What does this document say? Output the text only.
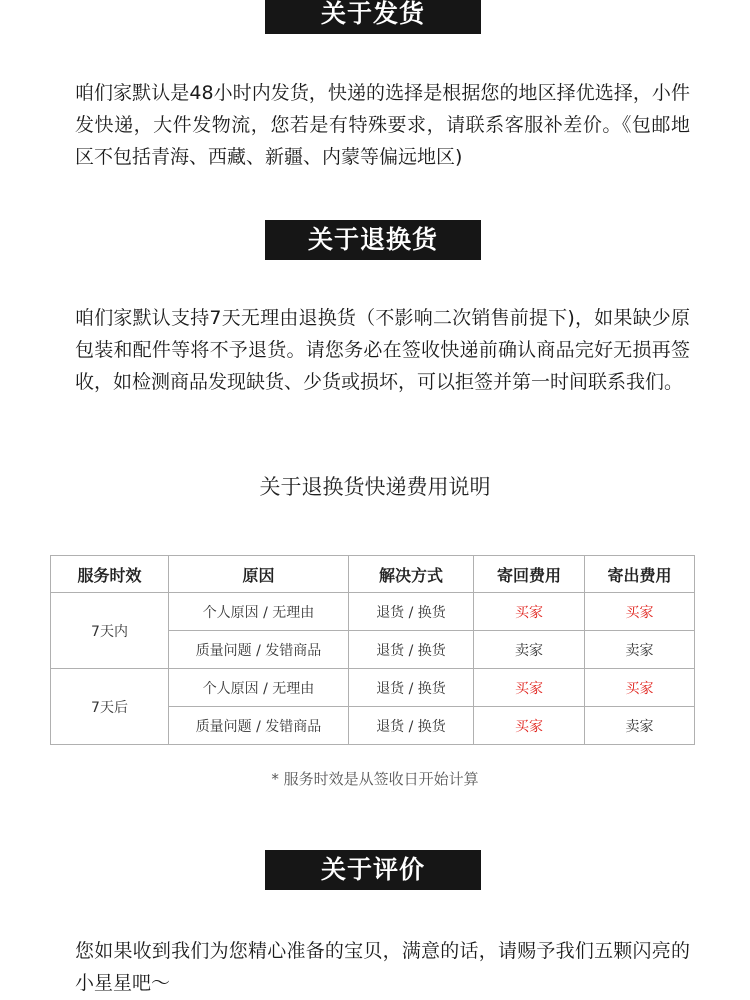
关于发货
咱们家默认是48小时内发货，快递的选择是根据您的地区择优选择，小件发快递，大件发物流，您若是有特殊要求，请联系客服补差价。《包邮地区不包括青海、西藏、新疆、内蒙等偏远地区)
关于退换货
咱们家默认支持7天无理由退换货（不影响二次销售前提下)，如果缺少原包装和配件等将不予退货。请您务必在签收快递前确认商品完好无损再签收，如检测商品发现缺货、少货或损坏，可以拒签并第一时间联系我们。
关于退换货快递费用说明
服务时效	原因	解决方式	寄回费用	寄出费用
7天内	个人原因 / 无理由	退货 / 换货	买家	买家
	质量问题 / 发错商品	退货 / 换货	卖家	卖家
7天后	个人原因 / 无理由	退货 / 换货	买家	买家
	质量问题 / 发错商品	退货 / 换货	买家	卖家
* 服务时效是从签收日开始计算
关于评价
您如果收到我们为您精心准备的宝贝，满意的话，请赐予我们五颗闪亮的小星星吧～
